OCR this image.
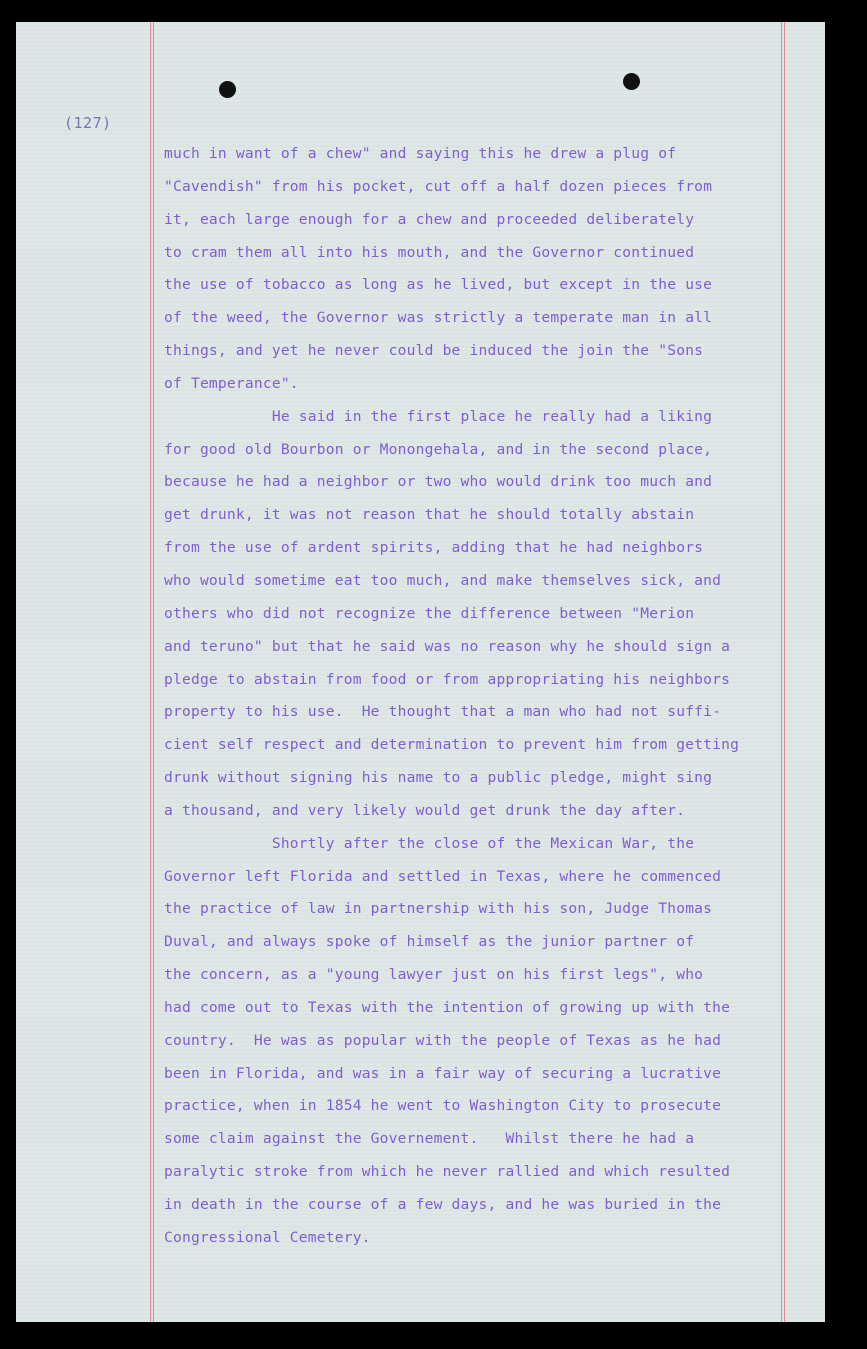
(127)
much in want of a chew" and saying this he drew a plug of
"Cavendish" from his pocket, cut off a half dozen pieces from
it, each large enough for a chew and proceeded deliberately
to cram them all into his mouth, and the Governor continued
the use of tobacco as long as he lived, but except in the use
of the weed, the Governor was strictly a temperate man in all
things, and yet he never could be induced the join the "Sons
of Temperance".
He said in the first place he really had a liking
for good old Bourbon or Monongehala, and in the second place,
because he had a neighbor or two who would drink too much and
get drunk, it was not reason that he should totally abstain
from the use of ardent spirits, adding that he had neighbors
who would sometime eat too much, and make themselves sick, and
others who did not recognize the difference between "Merion
and teruno" but that he said was no reason why he should sign a
pledge to abstain from food or from appropriating his neighbors
property to his use.  He thought that a man who had not suffi-
cient self respect and determination to prevent him from getting
drunk without signing his name to a public pledge, might sing
a thousand, and very likely would get drunk the day after.
Shortly after the close of the Mexican War, the
Governor left Florida and settled in Texas, where he commenced
the practice of law in partnership with his son, Judge Thomas
Duval, and always spoke of himself as the junior partner of
the concern, as a "young lawyer just on his first legs", who
had come out to Texas with the intention of growing up with the
country.  He was as popular with the people of Texas as he had
been in Florida, and was in a fair way of securing a lucrative
practice, when in 1854 he went to Washington City to prosecute
some claim against the Governement.   Whilst there he had a
paralytic stroke from which he never rallied and which resulted
in death in the course of a few days, and he was buried in the
Congressional Cemetery.
